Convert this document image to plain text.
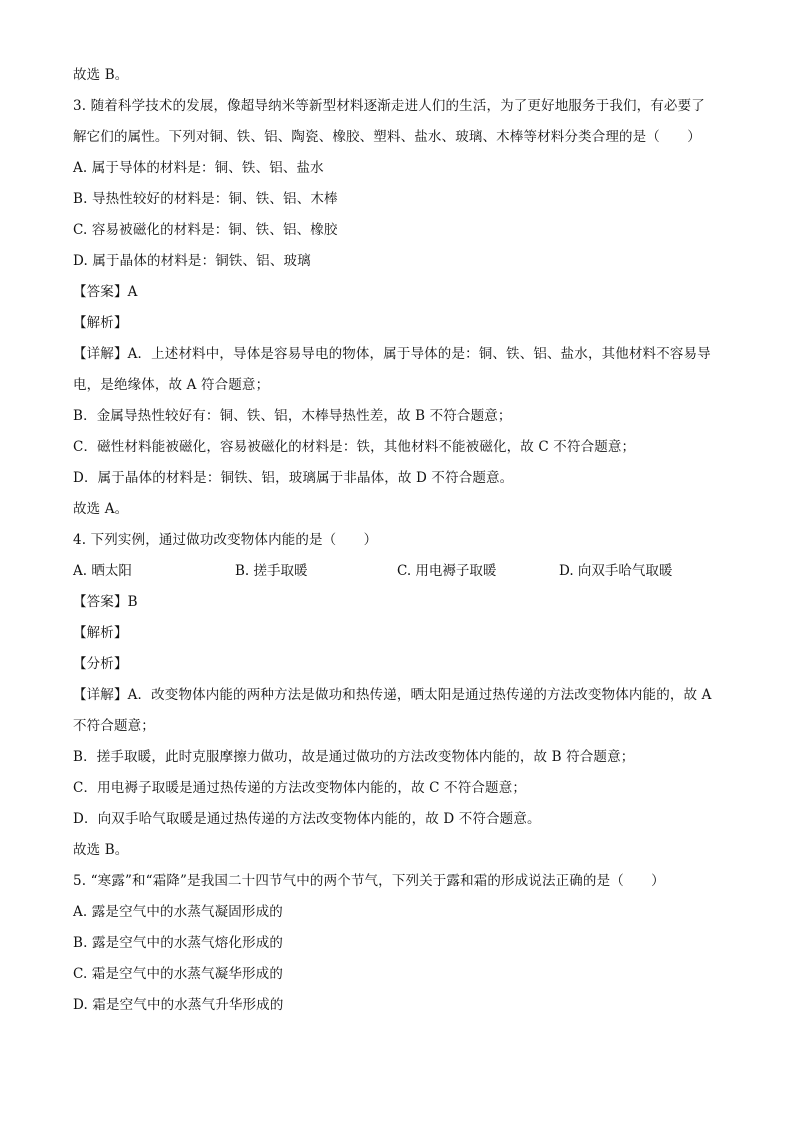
故选 B。
3. 随着科学技术的发展，像超导纳米等新型材料逐渐走进人们的生活，为了更好地服务于我们，有必要了
解它们的属性。下列对铜、铁、铝、陶瓷、橡胶、塑料、盐水、玻璃、木棒等材料分类合理的是（　　）
A. 属于导体的材料是：铜、铁、铝、盐水
B. 导热性较好的材料是：铜、铁、铝、木棒
C. 容易被磁化的材料是：铜、铁、铝、橡胶
D. 属于晶体的材料是：铜铁、铝、玻璃
【答案】A
【解析】
【详解】A．上述材料中，导体是容易导电的物体，属于导体的是：铜、铁、铝、盐水，其他材料不容易导
电，是绝缘体，故 A 符合题意；
B．金属导热性较好有：铜、铁、铝，木棒导热性差，故 B 不符合题意；
C．磁性材料能被磁化，容易被磁化的材料是：铁，其他材料不能被磁化，故 C 不符合题意；
D．属于晶体的材料是：铜铁、铝，玻璃属于非晶体，故 D 不符合题意。
故选 A。
4. 下列实例，通过做功改变物体内能的是（　　）
A. 晒太阳	B. 搓手取暖	C. 用电褥子取暖	D. 向双手哈气取暖
【答案】B
【解析】
【分析】
【详解】A．改变物体内能的两种方法是做功和热传递，晒太阳是通过热传递的方法改变物体内能的，故 A
不符合题意；
B．搓手取暖，此时克服摩擦力做功，故是通过做功的方法改变物体内能的，故 B 符合题意；
C．用电褥子取暖是通过热传递的方法改变物体内能的，故 C 不符合题意；
D．向双手哈气取暖是通过热传递的方法改变物体内能的，故 D 不符合题意。
故选 B。
5. “寒露”和“霜降”是我国二十四节气中的两个节气，下列关于露和霜的形成说法正确的是（　　）
A. 露是空气中的水蒸气凝固形成的
B. 露是空气中的水蒸气熔化形成的
C. 霜是空气中的水蒸气凝华形成的
D. 霜是空气中的水蒸气升华形成的
